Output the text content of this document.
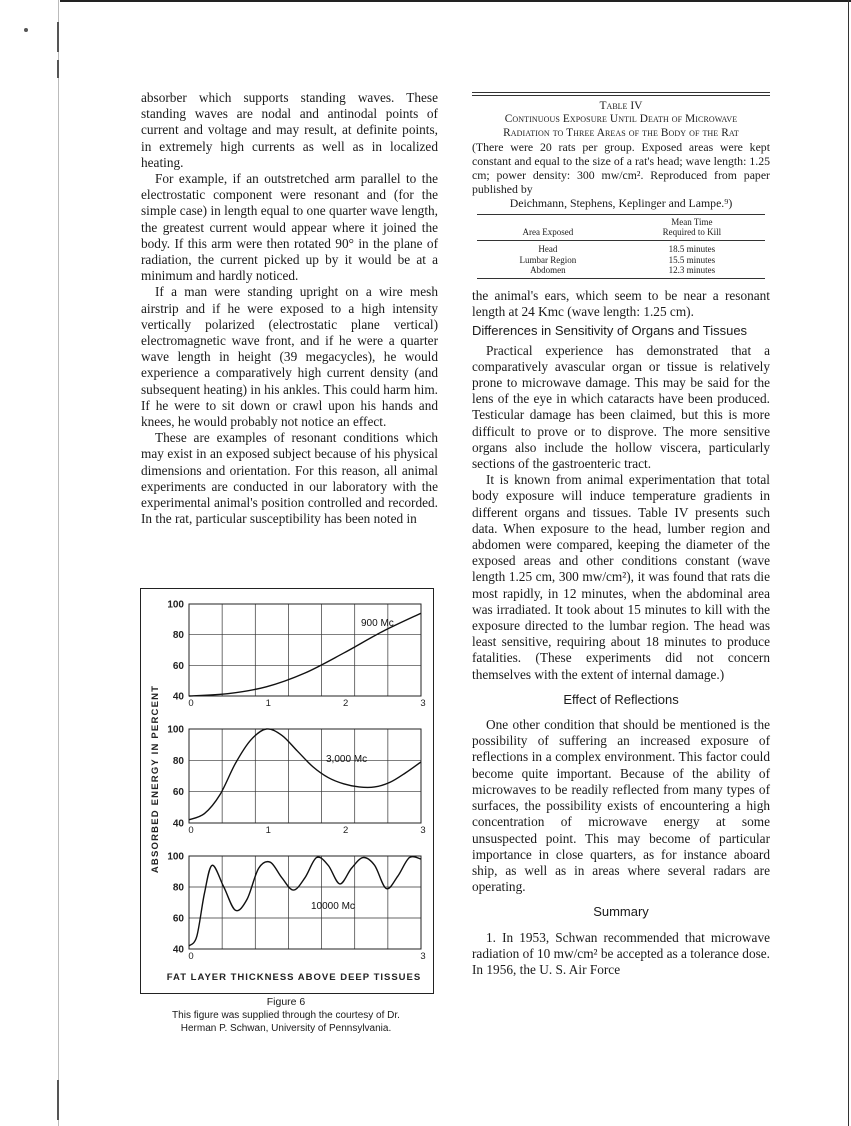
absorber which supports standing waves. These standing waves are nodal and antinodal points of current and voltage and may result, at definite points, in extremely high currents as well as in localized heating.

For example, if an outstretched arm parallel to the electrostatic component were resonant and (for the simple case) in length equal to one quarter wave length, the greatest current would appear where it joined the body. If this arm were then rotated 90° in the plane of radiation, the current picked up by it would be at a minimum and hardly noticed.

If a man were standing upright on a wire mesh airstrip and if he were exposed to a high intensity vertically polarized (electrostatic plane vertical) electromagnetic wave front, and if he were a quarter wave length in height (39 megacycles), he would experience a comparatively high current density (and subsequent heating) in his ankles. This could harm him. If he were to sit down or crawl upon his hands and knees, he would probably not notice an effect.

These are examples of resonant conditions which may exist in an exposed subject because of his physical dimensions and orientation. For this reason, all animal experiments are conducted in our laboratory with the experimental animal's position controlled and recorded. In the rat, particular susceptibility has been noted in

Table IV
Continuous Exposure Until Death of Microwave
Radiation to Three Areas of the Body of the Rat
(There were 20 rats per group. Exposed areas were kept constant and equal to the size of a rat's head; wave length: 1.25 cm; power density: 300 mw/cm². Reproduced from paper published by
Deichmann, Stephens, Keplinger and Lampe.⁹)
Area Exposed	Mean Time
Required to Kill
Head	18.5 minutes
Lumbar Region	15.5 minutes
Abdomen	12.3 minutes

the animal's ears, which seem to be near a resonant length at 24 Kmc (wave length: 1.25 cm).

Differences in Sensitivity of Organs and Tissues

Practical experience has demonstrated that a comparatively avascular organ or tissue is relatively prone to microwave damage. This may be said for the lens of the eye in which cataracts have been produced. Testicular damage has been claimed, but this is more difficult to prove or to disprove. The more sensitive organs also include the hollow viscera, particularly sections of the gastroenteric tract.

It is known from animal experimentation that total body exposure will induce temperature gradients in different organs and tissues. Table IV presents such data. When exposure to the head, lumber region and abdomen were compared, keeping the diameter of the exposed areas and other conditions constant (wave length 1.25 cm, 300 mw/cm²), it was found that rats die most rapidly, in 12 minutes, when the abdominal area was irradiated. It took about 15 minutes to kill with the exposure directed to the lumbar region. The head was least sensitive, requiring about 18 minutes to produce fatalities. (These experiments did not concern themselves with the extent of internal damage.)

Effect of Reflections

One other condition that should be mentioned is the possibility of suffering an increased exposure of reflections in a complex environment. This factor could become quite important. Because of the ability of microwaves to be readily reflected from many types of surfaces, the possibility exists of encountering a high concentration of microwave energy at some unsuspected point. This may become of particular importance in close quarters, as for instance aboard ship, as well as in areas where several radars are operating.

Summary

1. In 1953, Schwan recommended that microwave radiation of 10 mw/cm² be accepted as a tolerance dose. In 1956, the U. S. Air Force

40
60
80
100
0	1	2	3
900 Mc
40
60
80
100
0	1	2	3
3,000 Mc
40
60
80
100
0	3
10000 Mc
ABSORBED ENERGY IN PERCENT
FAT LAYER THICKNESS ABOVE DEEP TISSUES
Figure 6
This figure was supplied through the courtesy of Dr.
Herman P. Schwan, University of Pennsylvania.
